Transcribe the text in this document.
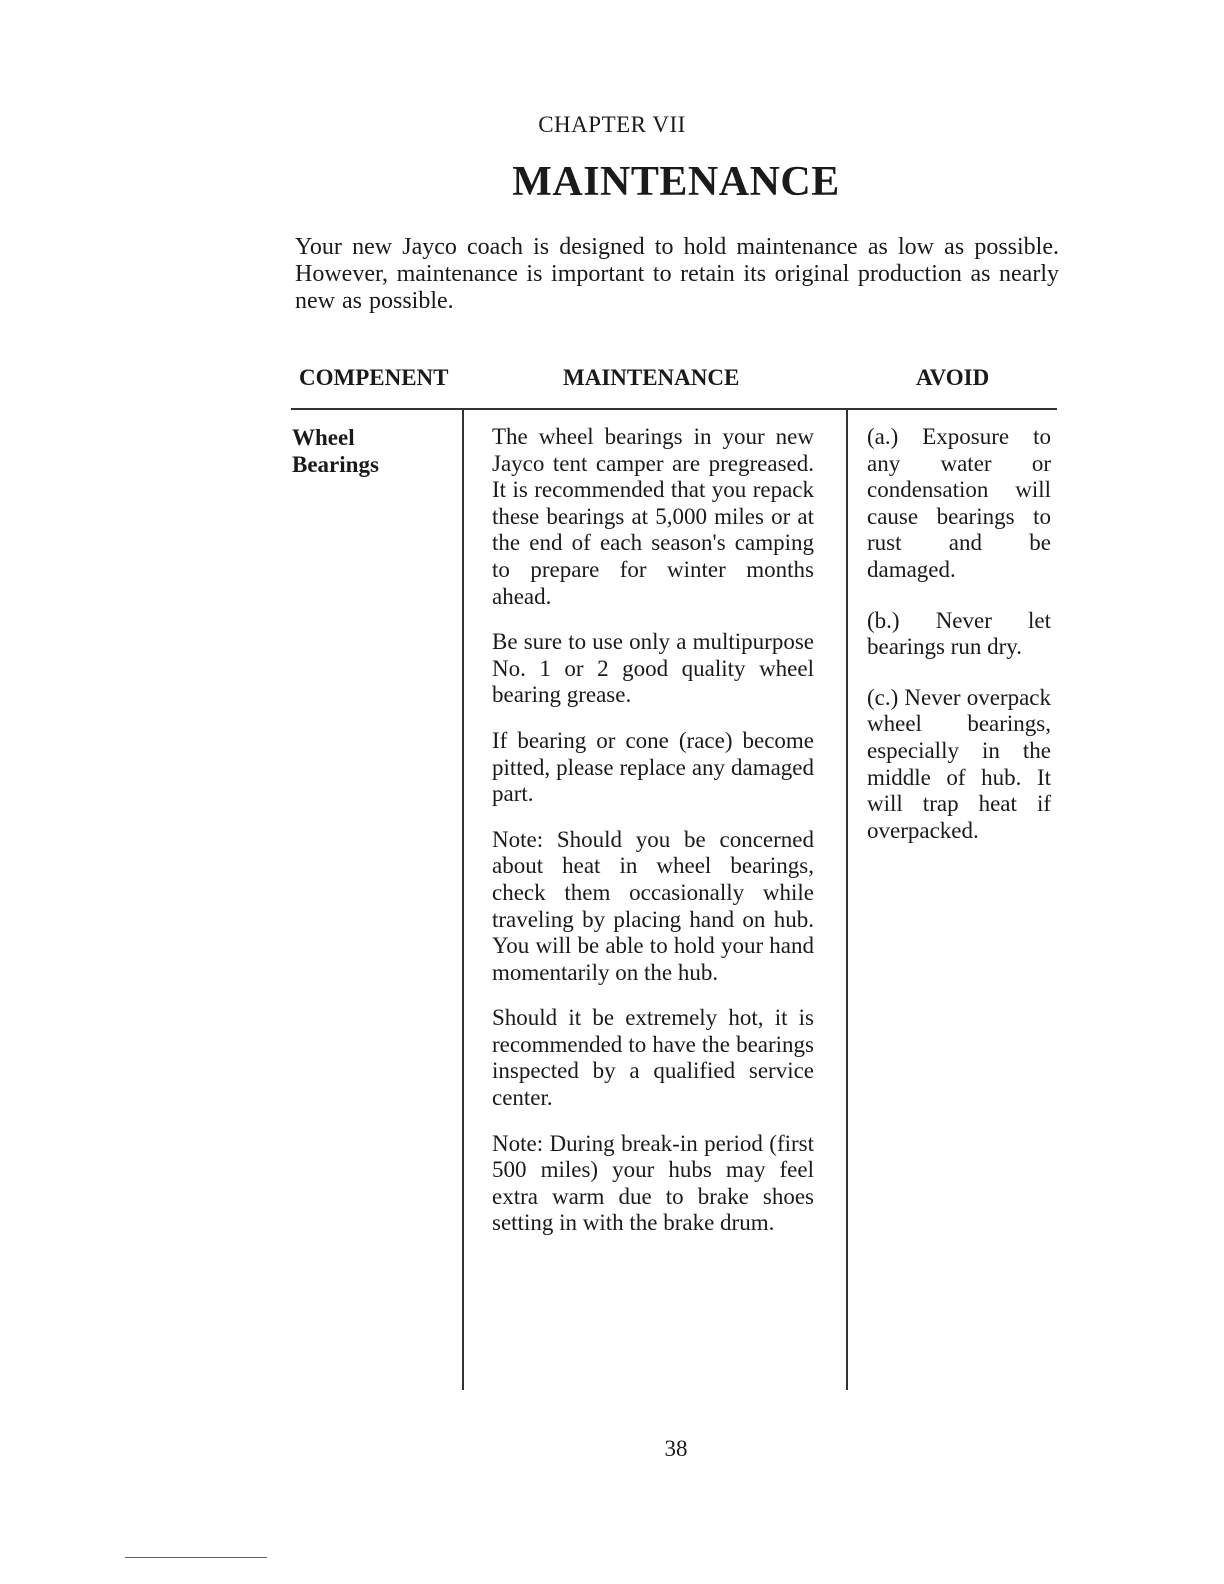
CHAPTER VII
MAINTENANCE
Your new Jayco coach is designed to hold maintenance as low as possible. However, maintenance is important to retain its original production as nearly new as possible.
COMPENENT	MAINTENANCE	AVOID
Wheel
Bearings

The wheel bearings in your new Jayco tent camper are pregreased. It is recommended that you repack these bearings at 5,000 miles or at the end of each season's camping to prepare for winter months ahead.

Be sure to use only a multipurpose No. 1 or 2 good quality wheel bearing grease.

If bearing or cone (race) become pitted, please replace any damaged part.

Note: Should you be concerned about heat in wheel bearings, check them occasionally while traveling by placing hand on hub. You will be able to hold your hand momentarily on the hub.

Should it be extremely hot, it is recommended to have the bearings inspected by a qualified service center.

Note: During break-in period (first 500 miles) your hubs may feel extra warm due to brake shoes setting in with the brake drum.

(a.) Exposure to any water or condensation will cause bearings to rust and be damaged.

(b.) Never let bearings run dry.

(c.) Never overpack wheel bearings, especially in the middle of hub. It will trap heat if overpacked.

38
